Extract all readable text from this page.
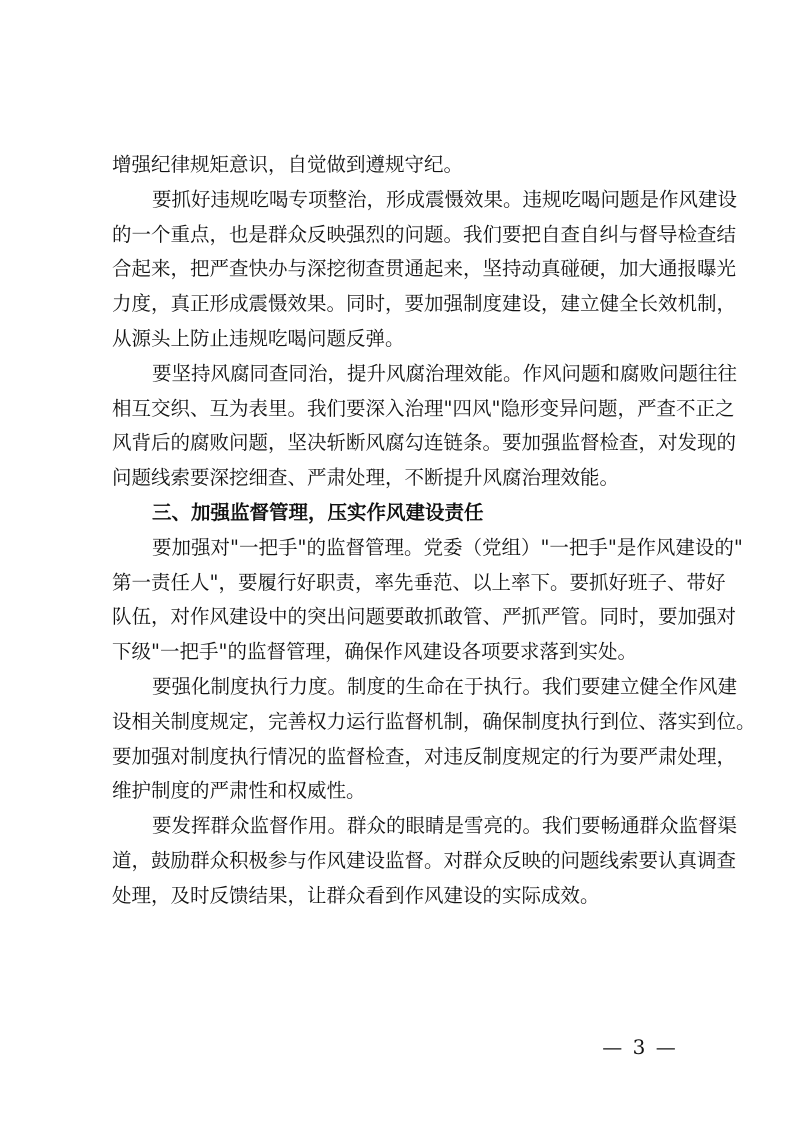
增强纪律规矩意识，自觉做到遵规守纪。
要抓好违规吃喝专项整治，形成震慑效果。违规吃喝问题是作风建设
的一个重点，也是群众反映强烈的问题。我们要把自查自纠与督导检查结
合起来，把严查快办与深挖彻查贯通起来，坚持动真碰硬，加大通报曝光
力度，真正形成震慑效果。同时，要加强制度建设，建立健全长效机制，
从源头上防止违规吃喝问题反弹。
要坚持风腐同查同治，提升风腐治理效能。作风问题和腐败问题往往
相互交织、互为表里。我们要深入治理"四风"隐形变异问题，严查不正之
风背后的腐败问题，坚决斩断风腐勾连链条。要加强监督检查，对发现的
问题线索要深挖细查、严肃处理，不断提升风腐治理效能。
三、加强监督管理，压实作风建设责任
要加强对"一把手"的监督管理。党委（党组）"一把手"是作风建设的"
第一责任人"，要履行好职责，率先垂范、以上率下。要抓好班子、带好
队伍，对作风建设中的突出问题要敢抓敢管、严抓严管。同时，要加强对
下级"一把手"的监督管理，确保作风建设各项要求落到实处。
要强化制度执行力度。制度的生命在于执行。我们要建立健全作风建
设相关制度规定，完善权力运行监督机制，确保制度执行到位、落实到位。
要加强对制度执行情况的监督检查，对违反制度规定的行为要严肃处理，
维护制度的严肃性和权威性。
要发挥群众监督作用。群众的眼睛是雪亮的。我们要畅通群众监督渠
道，鼓励群众积极参与作风建设监督。对群众反映的问题线索要认真调查
处理，及时反馈结果，让群众看到作风建设的实际成效。
— 3 —
